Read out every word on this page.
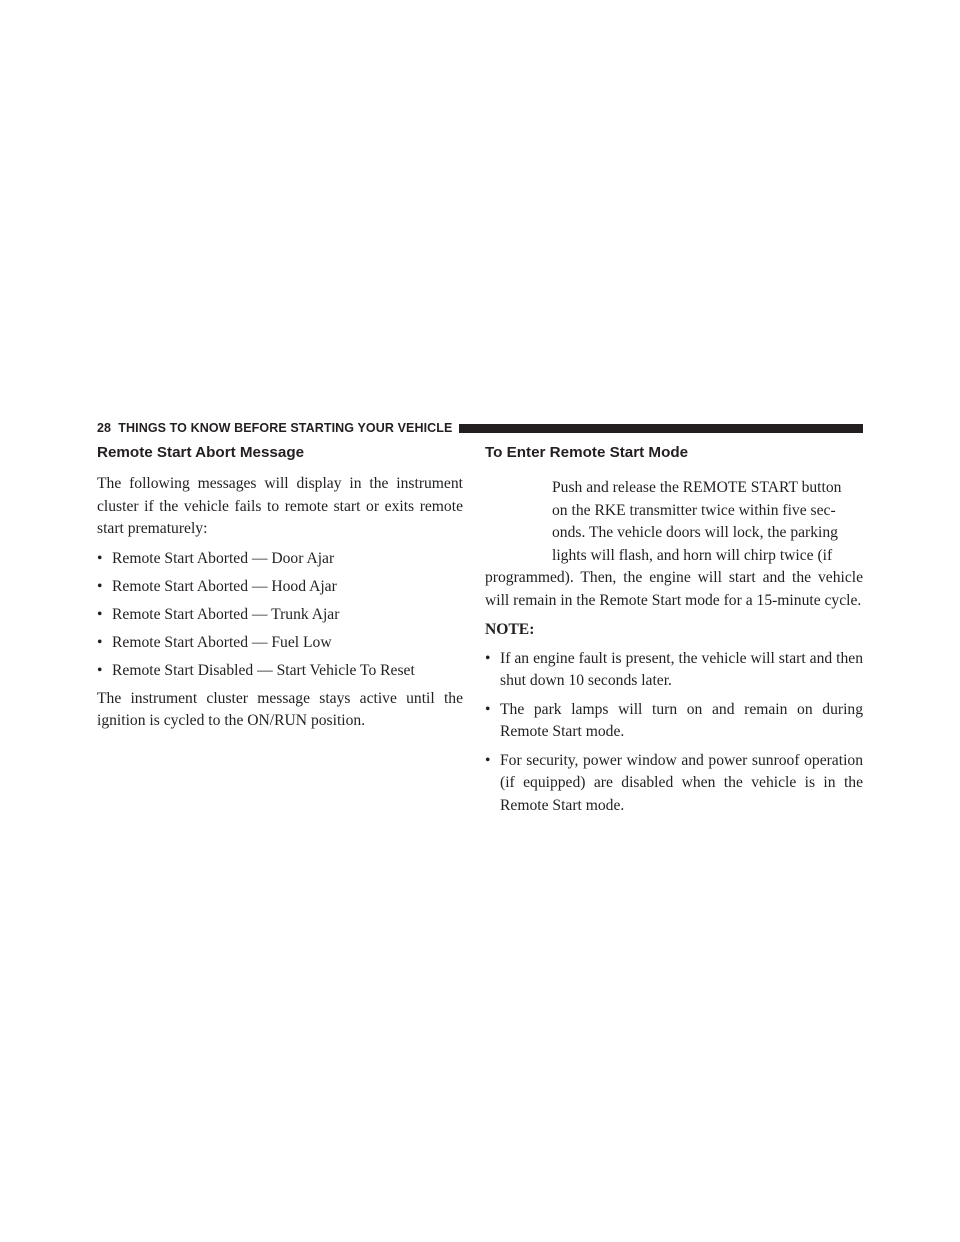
28 THINGS TO KNOW BEFORE STARTING YOUR VEHICLE
Remote Start Abort Message

The following messages will display in the instrument cluster if the vehicle fails to remote start or exits remote start prematurely:

• Remote Start Aborted — Door Ajar
• Remote Start Aborted — Hood Ajar
• Remote Start Aborted — Trunk Ajar
• Remote Start Aborted — Fuel Low
• Remote Start Disabled — Start Vehicle To Reset

The instrument cluster message stays active until the ignition is cycled to the ON/RUN position.

To Enter Remote Start Mode

Push and release the REMOTE START button
on the RKE transmitter twice within five sec-
onds. The vehicle doors will lock, the parking
lights will flash, and horn will chirp twice (if
programmed). Then, the engine will start and the vehicle will remain in the Remote Start mode for a 15-minute cycle.

NOTE:

• If an engine fault is present, the vehicle will start and then shut down 10 seconds later.
• The park lamps will turn on and remain on during Remote Start mode.
• For security, power window and power sunroof operation (if equipped) are disabled when the vehicle is in the Remote Start mode.
